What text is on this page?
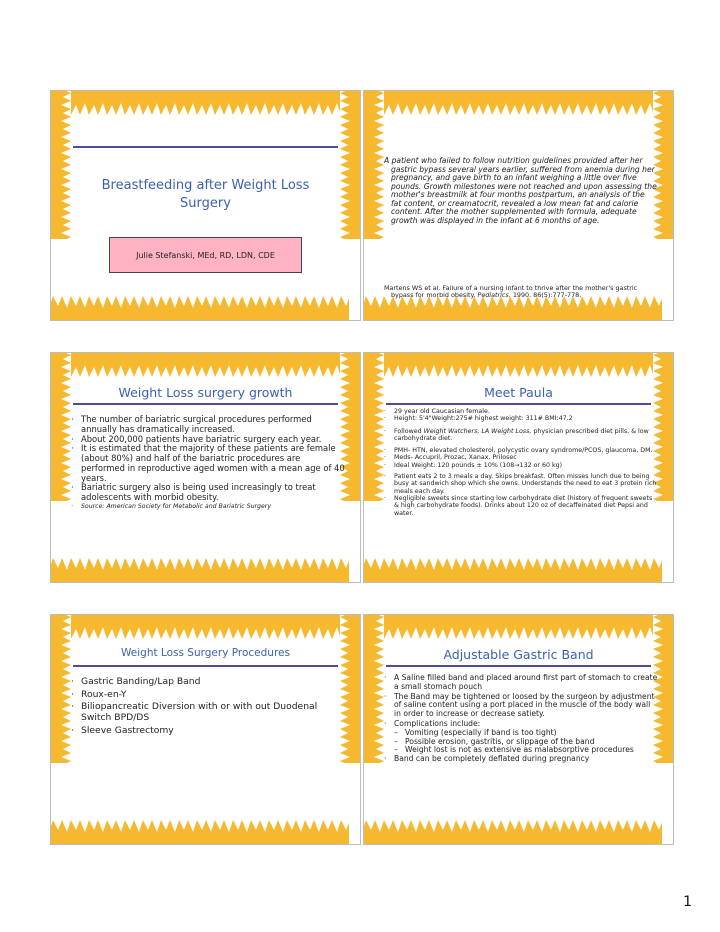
Breastfeeding after Weight Loss Surgery
Julie Stefanski, MEd, RD, LDN, CDE
A patient who failed to follow nutrition guidelines provided after her gastric bypass several years earlier, suffered from anemia during her pregnancy, and gave birth to an infant weighing a little over five pounds. Growth milestones were not reached and upon assessing the mother's breastmilk at four months postpartum, an analysis of the fat content, or creamatocrit, revealed a low mean fat and calorie content. After the mother supplemented with formula, adequate growth was displayed in the infant at 6 months of age.
Martens WS et al. Failure of a nursing infant to thrive after the mother's gastric bypass for morbid obesity. Pediatrics. 1990. 86(5):777-778.
Weight Loss surgery growth
· The number of bariatric surgical procedures performed annually has dramatically increased.
· About 200,000 patients have bariatric surgery each year.
· It is estimated that the majority of these patients are female (about 80%) and half of the bariatric procedures are performed in reproductive aged women with a mean age of 40 years.
· Bariatric surgery also is being used increasingly to treat adolescents with morbid obesity.
· Source: American Society for Metabolic and Bariatric Surgery
Meet Paula
· 29 year old Caucasian female.
· Height: 5'4"Weight:275# highest weight: 311# BMI:47.2
· Followed Weight Watchers, LA Weight Loss, physician prescribed diet pills, & low carbohydrate diet.
· PMH- HTN, elevated cholesterol, polycystic ovary syndrome/PCOS, glaucoma, DM.
· Meds- Accupril, Prozac, Xanax, Prilosec
· Ideal Weight: 120 pounds ± 10% (108→132 or 60 kg)
· Patient eats 2 to 3 meals a day. Skips breakfast. Often misses lunch due to being busy at sandwich shop which she owns. Understands the need to eat 3 protein rich meals each day.
· Negligible sweets since starting low carbohydrate diet (history of frequent sweets & high carbohydrate foods). Drinks about 120 oz of decaffeinated diet Pepsi and water.
Weight Loss Surgery Procedures
· Gastric Banding/Lap Band
· Roux-en-Y
· Biliopancreatic Diversion with or with out Duodenal Switch BPD/DS
· Sleeve Gastrectomy
Adjustable Gastric Band
· A Saline filled band and placed around first part of stomach to create a small stomach pouch
· The Band may be tightened or loosed by the surgeon by adjustment of saline content using a port placed in the muscle of the body wall in order to increase or decrease satiety.
· Complications include:
– Vomiting (especially if band is too tight)
– Possible erosion, gastritis, or slippage of the band
– Weight lost is not as extensive as malabsorptive procedures
· Band can be completely deflated during pregnancy
1
